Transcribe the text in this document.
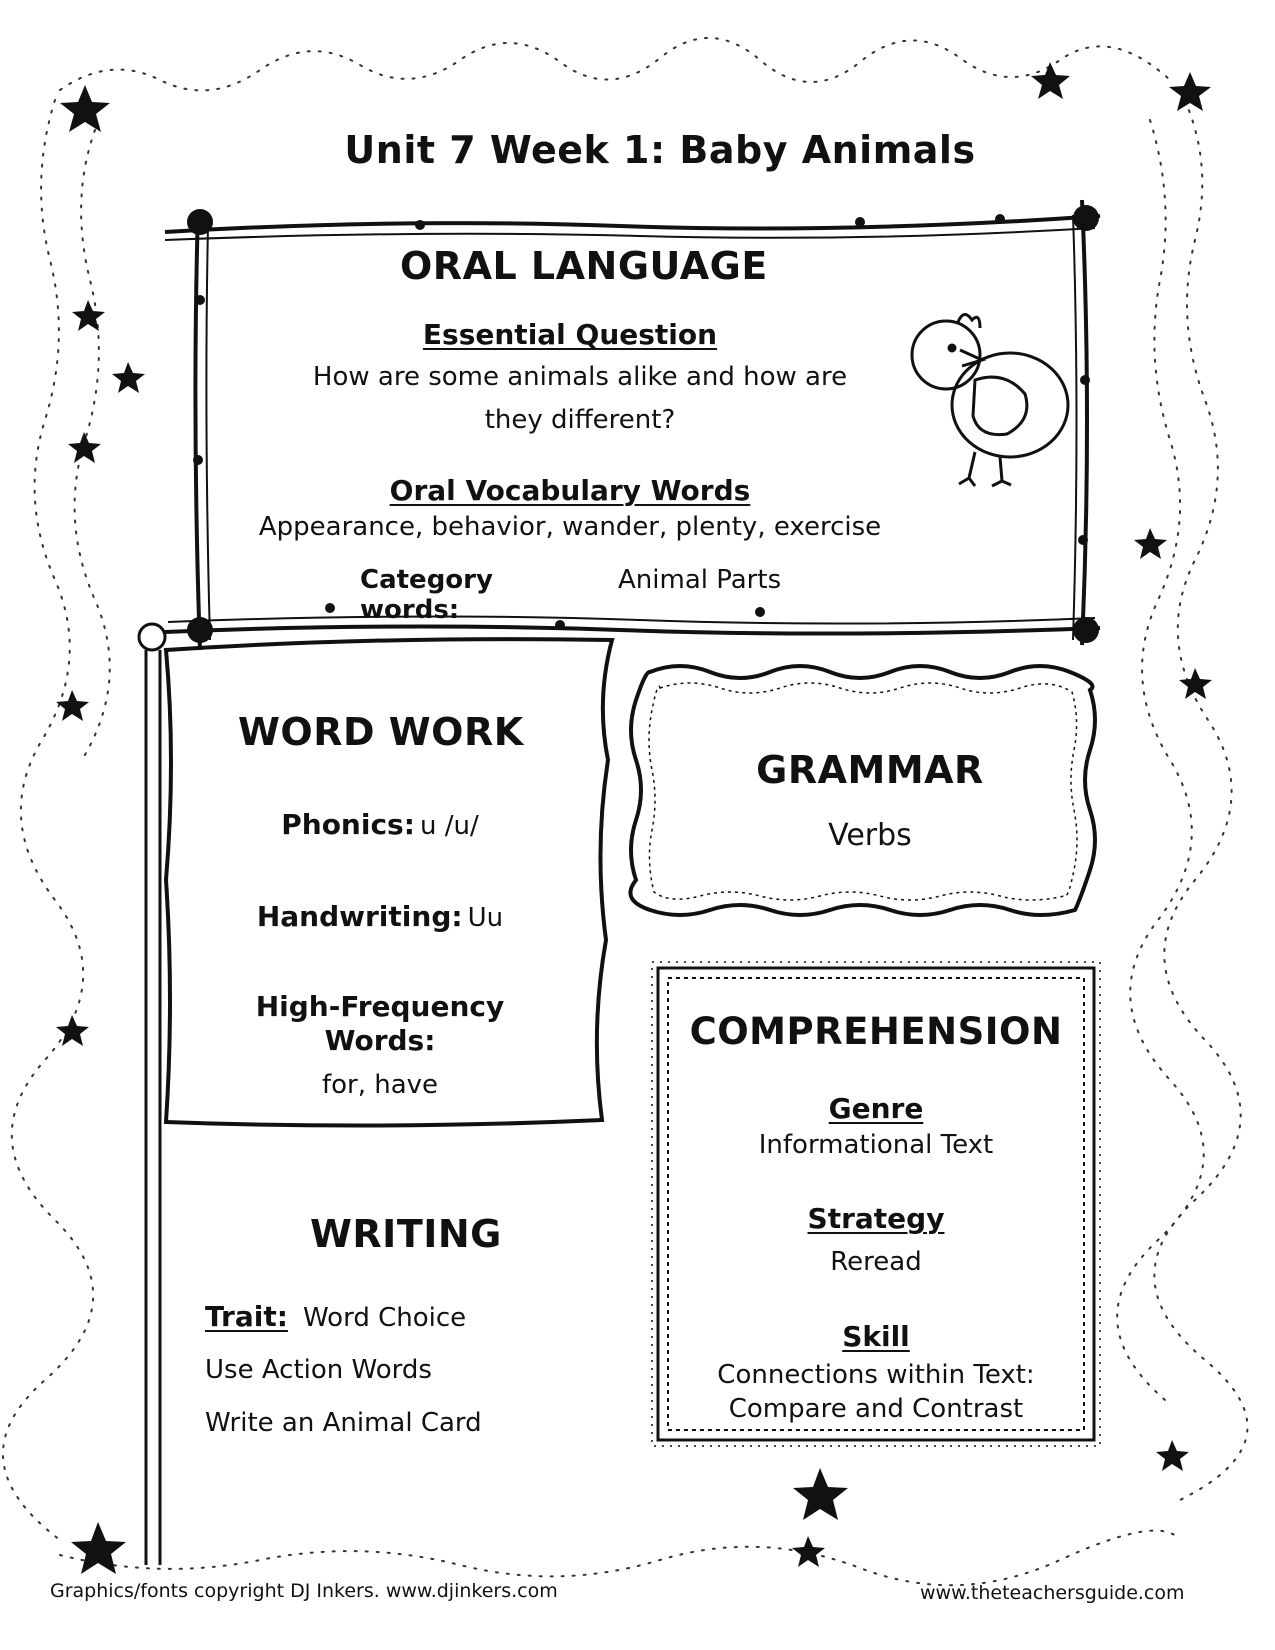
Unit 7 Week 1: Baby Animals
ORAL LANGUAGE
Essential Question
How are some animals alike and how are
they different?
Oral Vocabulary Words
Appearance, behavior, wander, plenty, exercise
Category words:
Animal Parts
WORD WORK
Phonics: u /u/
Handwriting: Uu
High-Frequency
Words:
for, have
GRAMMAR
Verbs
COMPREHENSION
Genre
Informational Text
Strategy
Reread
Skill
Connections within Text:
Compare and Contrast
WRITING
Trait: Word Choice
Use Action Words
Write an Animal Card
Graphics/fonts copyright DJ Inkers. www.djinkers.com	www.theteachersguide.com
